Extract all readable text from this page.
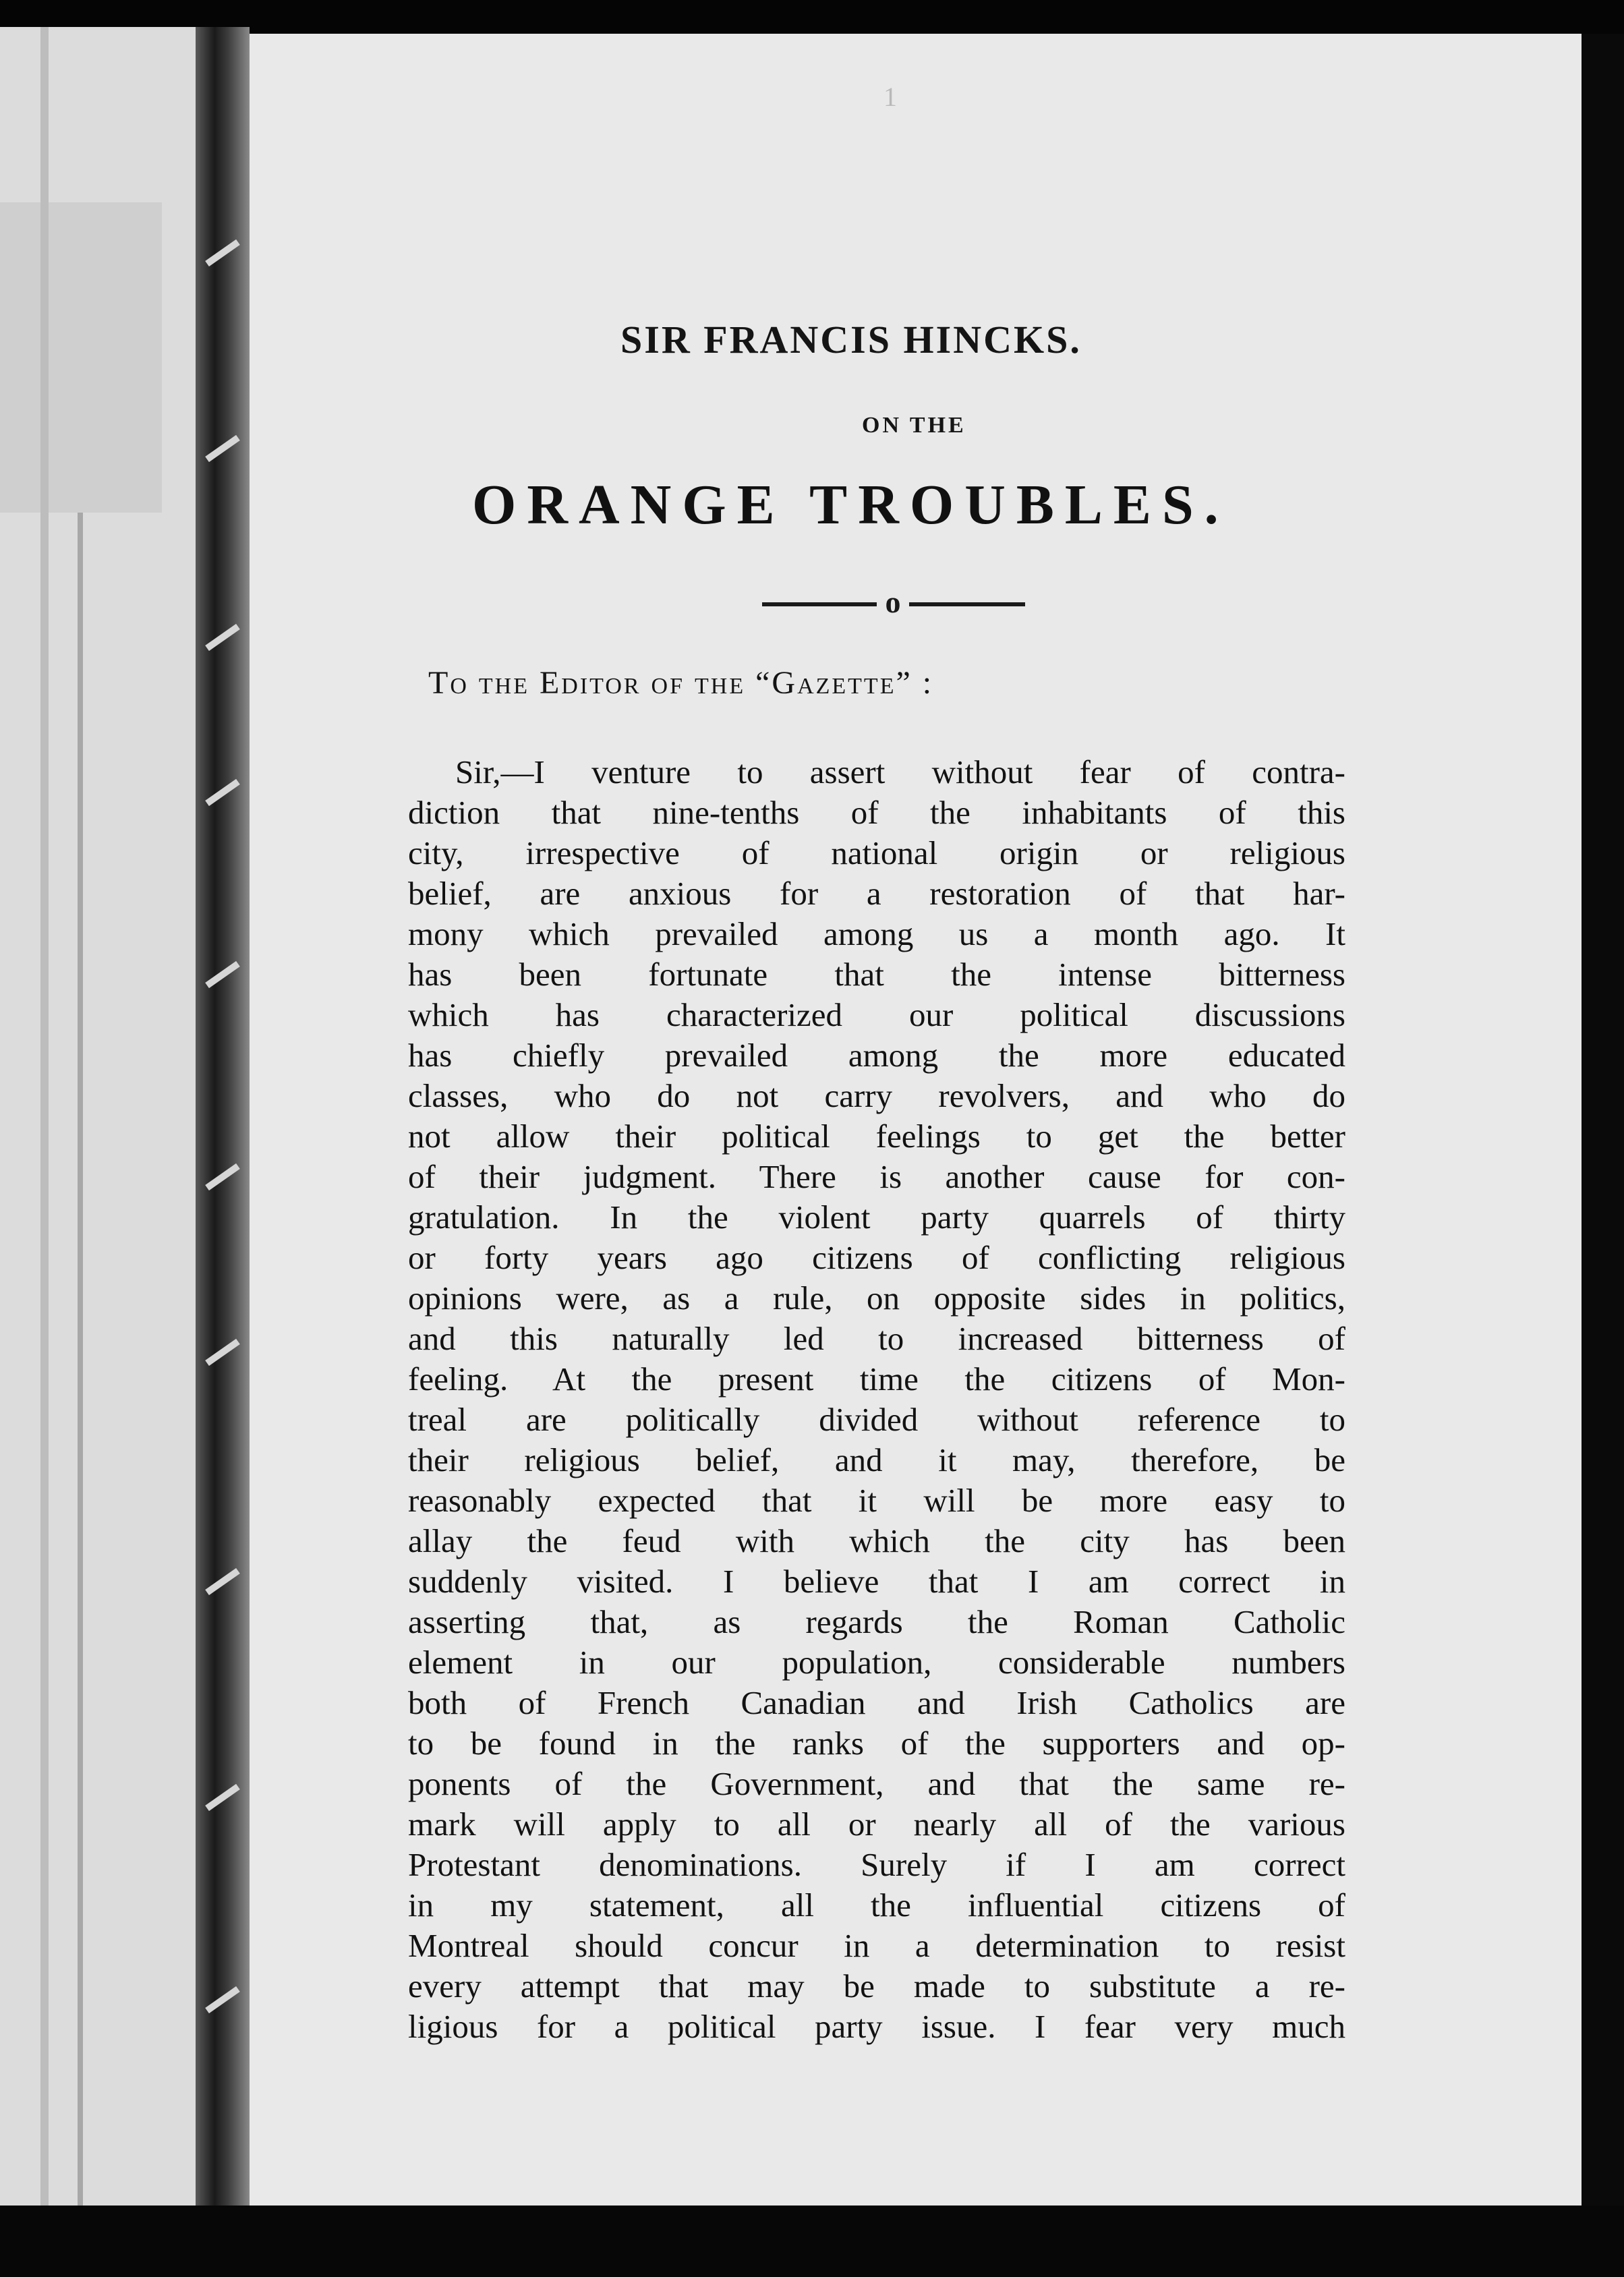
1
SIR FRANCIS HINCKS.
ON THE
ORANGE TROUBLES.
o
To the Editor of the “Gazette” :
Sir,—I venture to assert without fear of contra-
diction that nine-tenths of the inhabitants of this
city, irrespective of national origin or religious
belief, are anxious for a restoration of that har-
mony which prevailed among us a month ago. It
has been fortunate that the intense bitterness
which has characterized our political discussions
has chiefly prevailed among the more educated
classes, who do not carry revolvers, and who do
not allow their political feelings to get the better
of their judgment. There is another cause for con-
gratulation. In the violent party quarrels of thirty
or forty years ago citizens of conflicting religious
opinions were, as a rule, on opposite sides in politics,
and this naturally led to increased bitterness of
feeling. At the present time the citizens of Mon-
treal are politically divided without reference to
their religious belief, and it may, therefore, be
reasonably expected that it will be more easy to
allay the feud with which the city has been
suddenly visited. I believe that I am correct in
asserting that, as regards the Roman Catholic
element in our population, considerable numbers
both of French Canadian and Irish Catholics are
to be found in the ranks of the supporters and op-
ponents of the Government, and that the same re-
mark will apply to all or nearly all of the various
Protestant denominations. Surely if I am correct
in my statement, all the influential citizens of
Montreal should concur in a determination to resist
every attempt that may be made to substitute a re-
ligious for a political party issue. I fear very much
